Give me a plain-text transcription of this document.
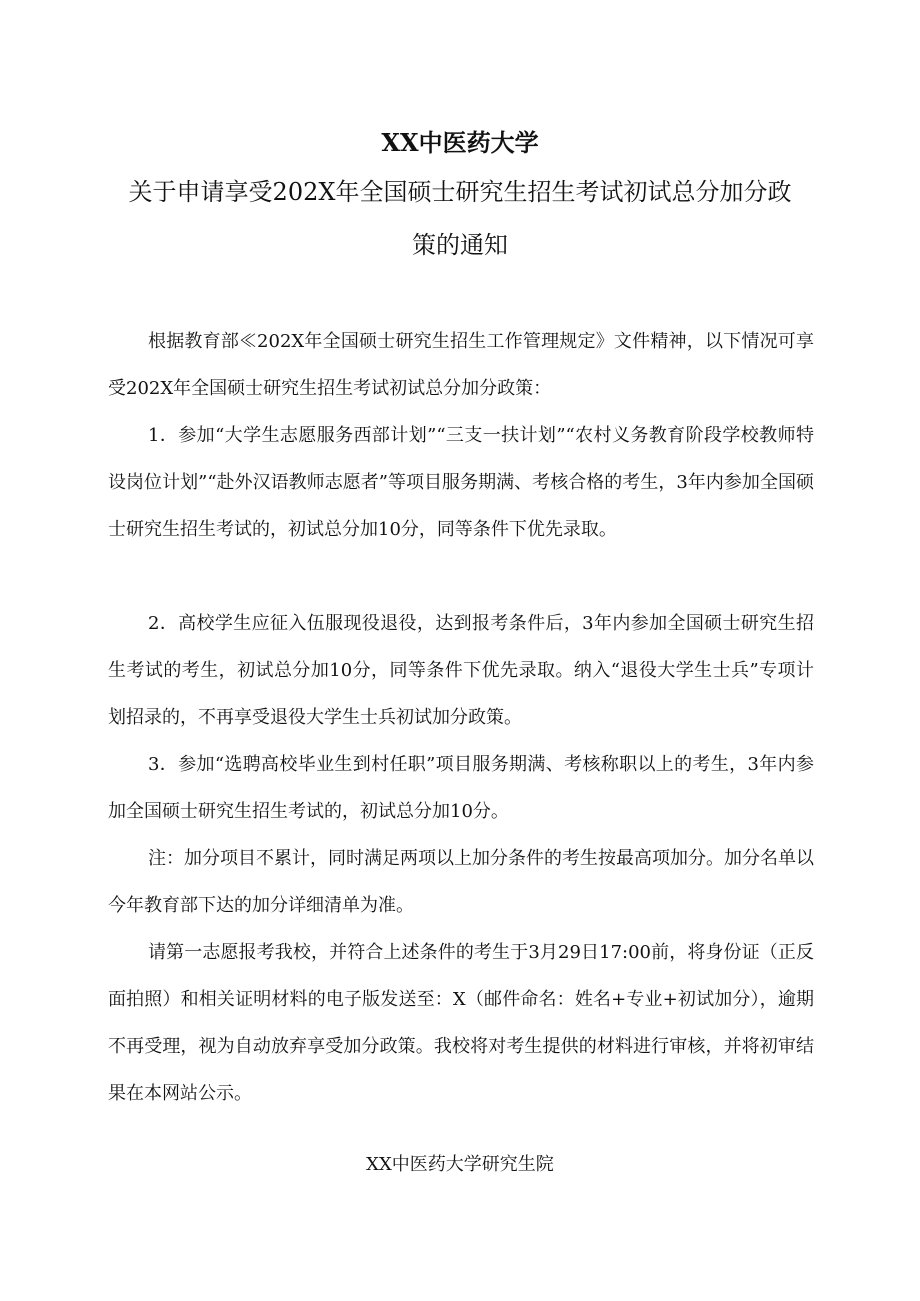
XX中医药大学
关于申请享受202X年全国硕士研究生招生考试初试总分加分政
策的通知

根据教育部≪202X年全国硕士研究生招生工作管理规定》文件精神，以下情况可享受202X年全国硕士研究生招生考试初试总分加分政策：

1．参加“大学生志愿服务西部计划”“三支一扶计划”“农村义务教育阶段学校教师特设岗位计划”“赴外汉语教师志愿者”等项目服务期满、考核合格的考生，3年内参加全国硕士研究生招生考试的，初试总分加10分，同等条件下优先录取。

2．高校学生应征入伍服现役退役，达到报考条件后，3年内参加全国硕士研究生招生考试的考生，初试总分加10分，同等条件下优先录取。纳入“退役大学生士兵”专项计划招录的，不再享受退役大学生士兵初试加分政策。

3．参加“选聘高校毕业生到村任职”项目服务期满、考核称职以上的考生，3年内参加全国硕士研究生招生考试的，初试总分加10分。

注：加分项目不累计，同时满足两项以上加分条件的考生按最高项加分。加分名单以今年教育部下达的加分详细清单为准。

请第一志愿报考我校，并符合上述条件的考生于3月29日17:00前，将身份证（正反面拍照）和相关证明材料的电子版发送至：X（邮件命名：姓名+专业+初试加分），逾期不再受理，视为自动放弃享受加分政策。我校将对考生提供的材料进行审核，并将初审结果在本网站公示。

XX中医药大学研究生院
